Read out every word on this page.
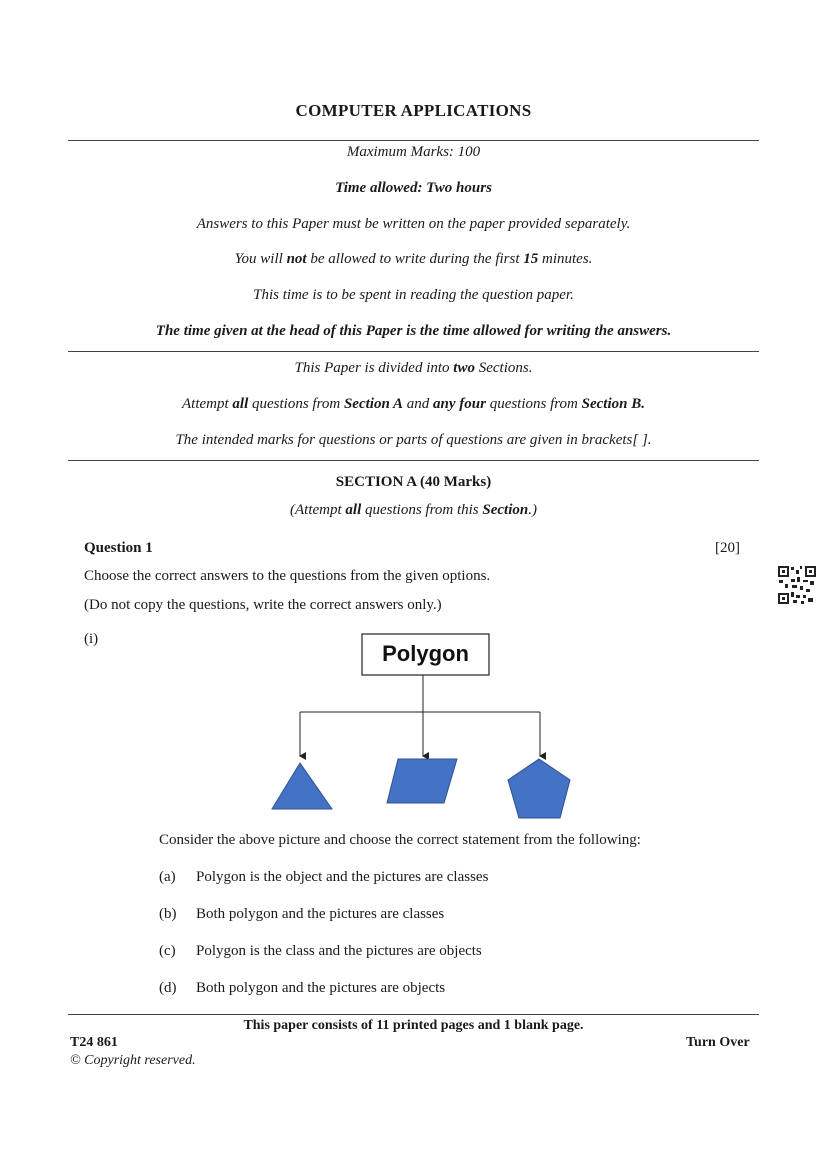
COMPUTER APPLICATIONS
Maximum Marks: 100
Time allowed: Two hours
Answers to this Paper must be written on the paper provided separately.
You will not be allowed to write during the first 15 minutes.
This time is to be spent in reading the question paper.
The time given at the head of this Paper is the time allowed for writing the answers.
This Paper is divided into two Sections.
Attempt all questions from Section A and any four questions from Section B.
The intended marks for questions or parts of questions are given in brackets[ ].
SECTION A (40 Marks)
(Attempt all questions from this Section.)
Question 1	[20]
Choose the correct answers to the questions from the given options.
(Do not copy the questions, write the correct answers only.)
(i)
Polygon
Consider the above picture and choose the correct statement from the following:
(a) Polygon is the object and the pictures are classes
(b) Both polygon and the pictures are classes
(c) Polygon is the class and the pictures are objects
(d) Both polygon and the pictures are objects
This paper consists of 11 printed pages and 1 blank page.
T24 861	Turn Over
© Copyright reserved.
